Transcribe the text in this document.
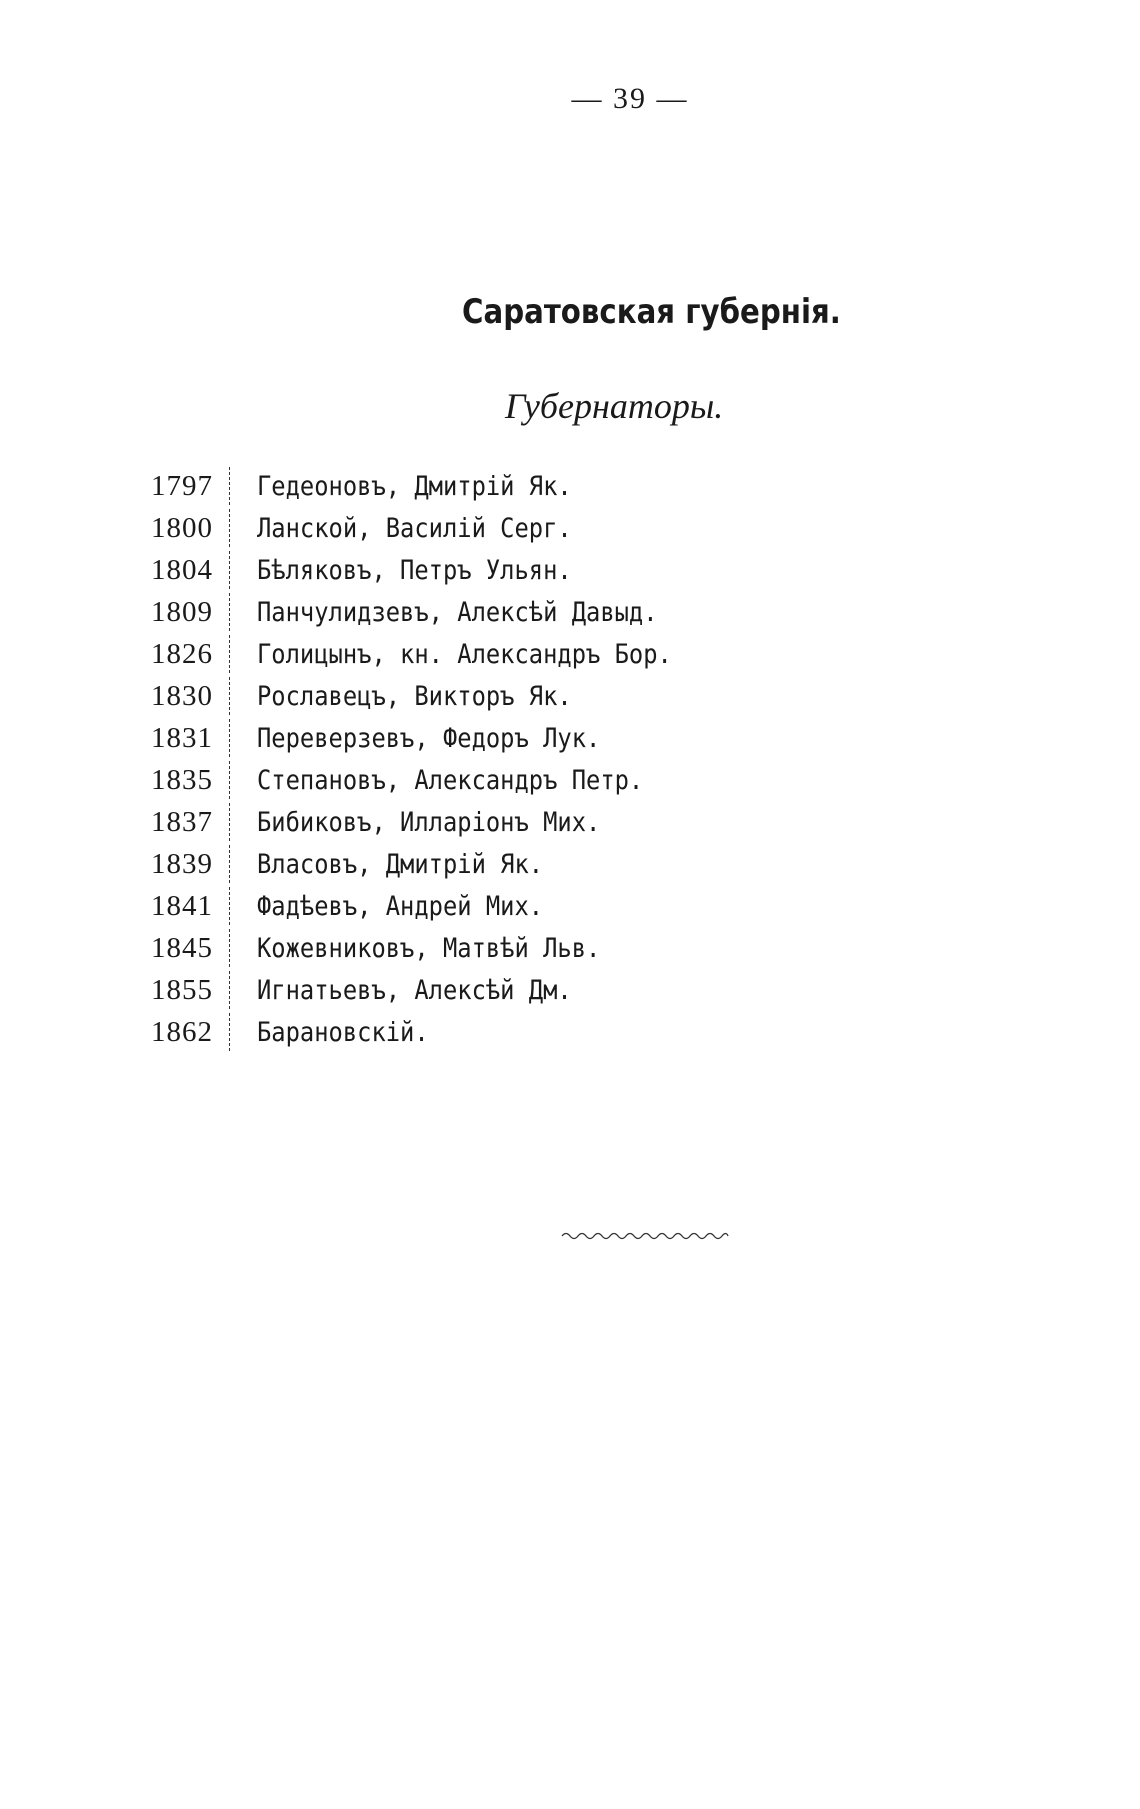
— 39 —
Саратовская губернія.
Губернаторы.
1797 Гедеоновъ, Дмитрій Як.
1800 Ланской, Василій Серг.
1804 Бѣляковъ, Петръ Ульян.
1809 Панчулидзевъ, Алексѣй Давыд.
1826 Голицынъ, кн. Александръ Бор.
1830 Рославецъ, Викторъ Як.
1831 Переверзевъ, Федоръ Лук.
1835 Степановъ, Александръ Петр.
1837 Бибиковъ, Илларіонъ Мих.
1839 Власовъ, Дмитрій Як.
1841 Фадѣевъ, Андрей Мих.
1845 Кожевниковъ, Матвѣй Льв.
1855 Игнатьевъ, Алексѣй Дм.
1862 Барановскій.
